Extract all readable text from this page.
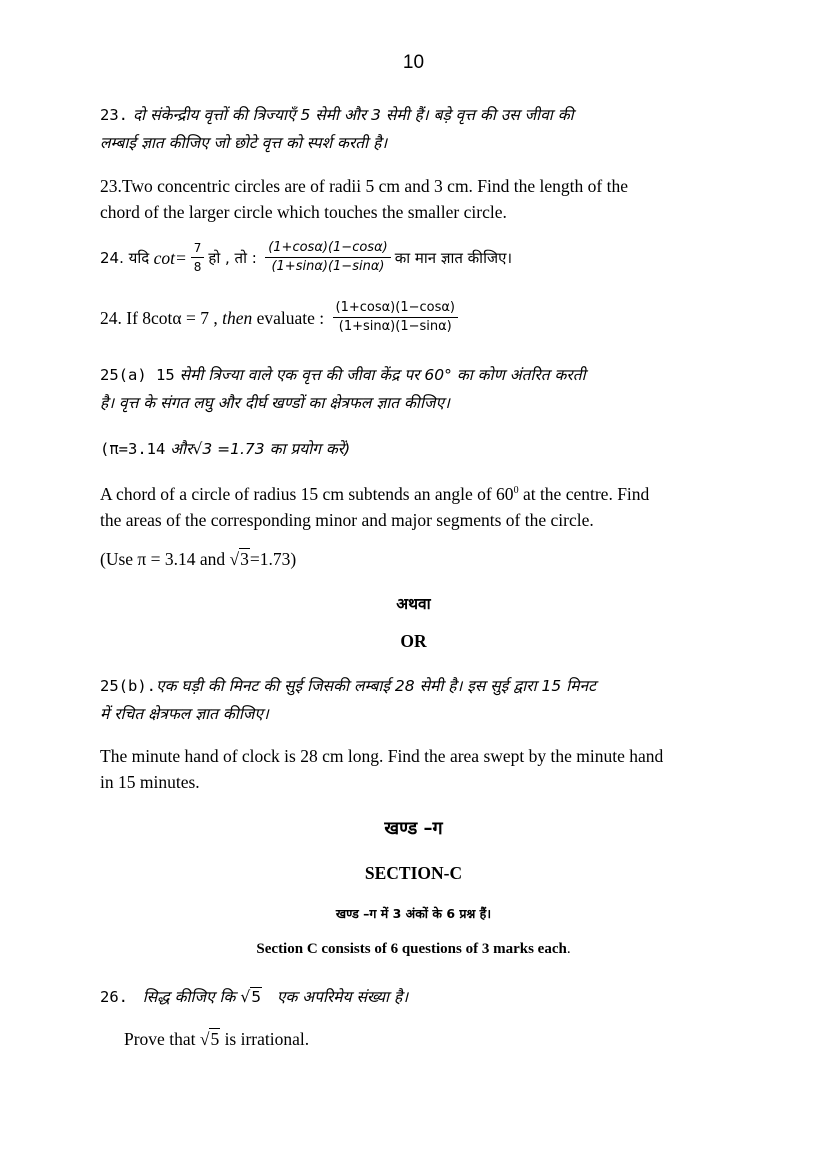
10
23. दो संकेन्द्रीय वृत्तों की त्रिज्याएँ 5 सेमी और 3 सेमी हैं। बड़े वृत्त की उस जीवा की
लम्बाई ज्ञात कीजिए जो छोटे वृत्त को स्पर्श करती है।
23.Two concentric circles are of radii 5 cm and 3 cm. Find the length of the
chord of the larger circle which touches the smaller circle.
24. यदि
$\cot= \frac{7}{8}$ हो , तो :
$\frac{(1+\cos\alpha)(1-\cos\alpha)}{(1+\sin\alpha)(1-\sin\alpha)}$ का मान ज्ञात कीजिए।
24. If 8cotα = 7 ,
then
evaluate :
$\frac{(1+\cos\alpha)(1-\cos\alpha)}{(1+\sin\alpha)(1-\sin\alpha)}$
25(a) 15 सेमी त्रिज्या वाले एक वृत्त की जीवा केंद्र पर 60° का कोण अंतरित करती
है। वृत्त के संगत लघु और दीर्घ खण्डों का क्षेत्रफल ज्ञात कीजिए।
(π=3.14 और√3 =1.73 का प्रयोग करें)
A chord of a circle of radius 15 cm subtends an angle of $60^0$ at the centre. Find
the areas of the corresponding minor and major segments of the circle.
(Use π = 3.14 and √3=1.73)
अथवा
OR
25(b).एक घड़ी की मिनट की सुई जिसकी लम्बाई 28 सेमी है। इस सुई द्वारा 15 मिनट
में रचित क्षेत्रफल ज्ञात कीजिए।
The minute hand of clock is 28 cm long. Find the area swept by the minute hand
in 15 minutes.
खण्ड –ग
SECTION-C
खण्ड –ग में 3 अंकों के 6 प्रश्न हैं।
Section C consists of 6 questions of 3 marks each.
26. सिद्ध कीजिए कि √5 एक अपरिमेय संख्या है।
Prove that √5 is irrational.
